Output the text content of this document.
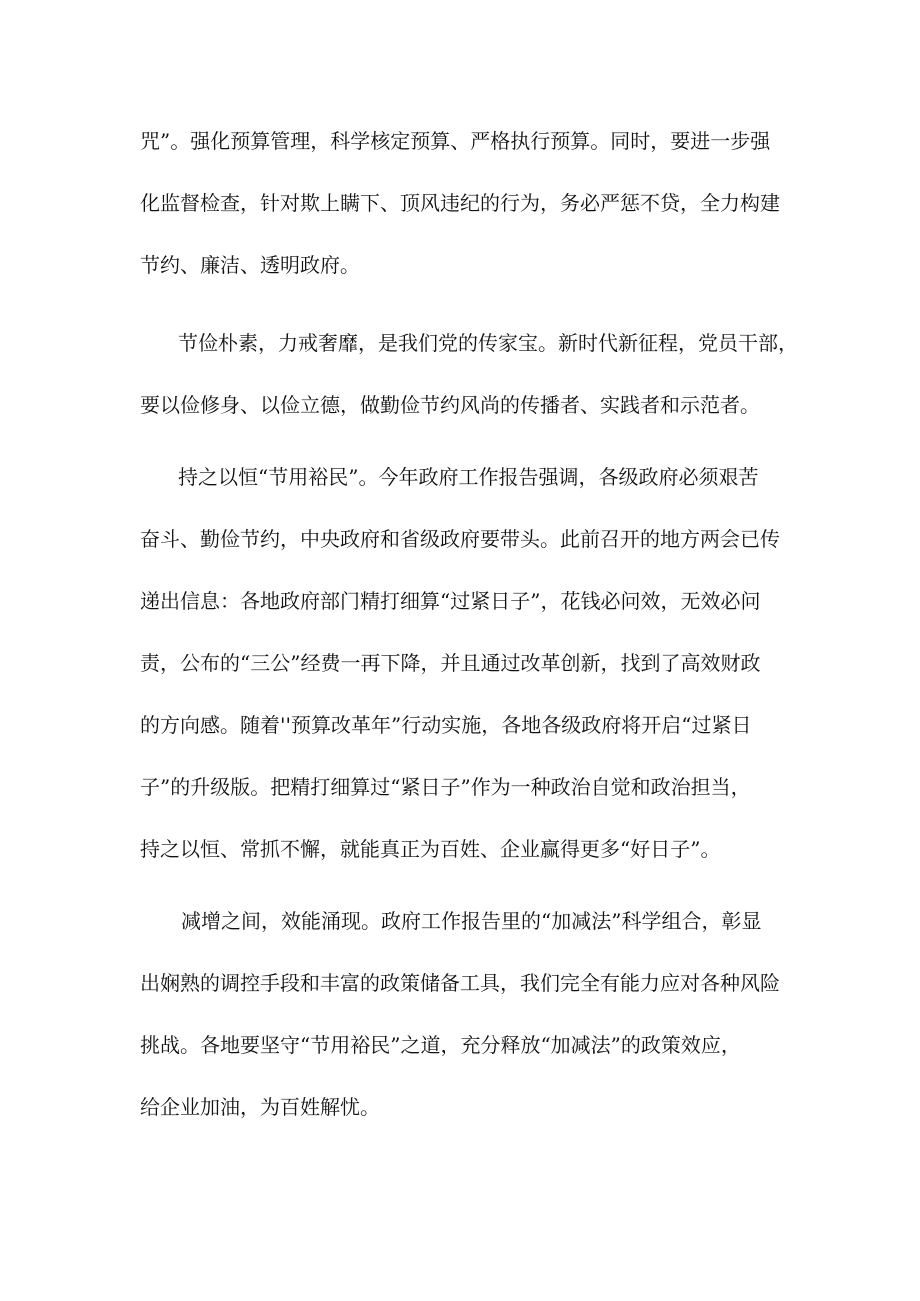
咒”。强化预算管理，科学核定预算、严格执行预算。同时，要进一步强
化监督检查，针对欺上瞒下、顶风违纪的行为，务必严惩不贷，全力构建
节约、廉洁、透明政府。
节俭朴素，力戒奢靡，是我们党的传家宝。新时代新征程，党员干部，
要以俭修身、以俭立德，做勤俭节约风尚的传播者、实践者和示范者。
持之以恒“节用裕民”。今年政府工作报告强调，各级政府必须艰苦
奋斗、勤俭节约，中央政府和省级政府要带头。此前召开的地方两会已传
递出信息：各地政府部门精打细算“过紧日子”，花钱必问效，无效必问
责，公布的“三公”经费一再下降，并且通过改革创新，找到了高效财政
的方向感。随着''预算改革年”行动实施，各地各级政府将开启“过紧日
子”的升级版。把精打细算过“紧日子”作为一种政治自觉和政治担当，
持之以恒、常抓不懈，就能真正为百姓、企业赢得更多“好日子”。
减增之间，效能涌现。政府工作报告里的“加减法”科学组合，彰显
出娴熟的调控手段和丰富的政策储备工具，我们完全有能力应对各种风险
挑战。各地要坚守“节用裕民”之道，充分释放“加减法”的政策效应，
给企业加油，为百姓解忧。
